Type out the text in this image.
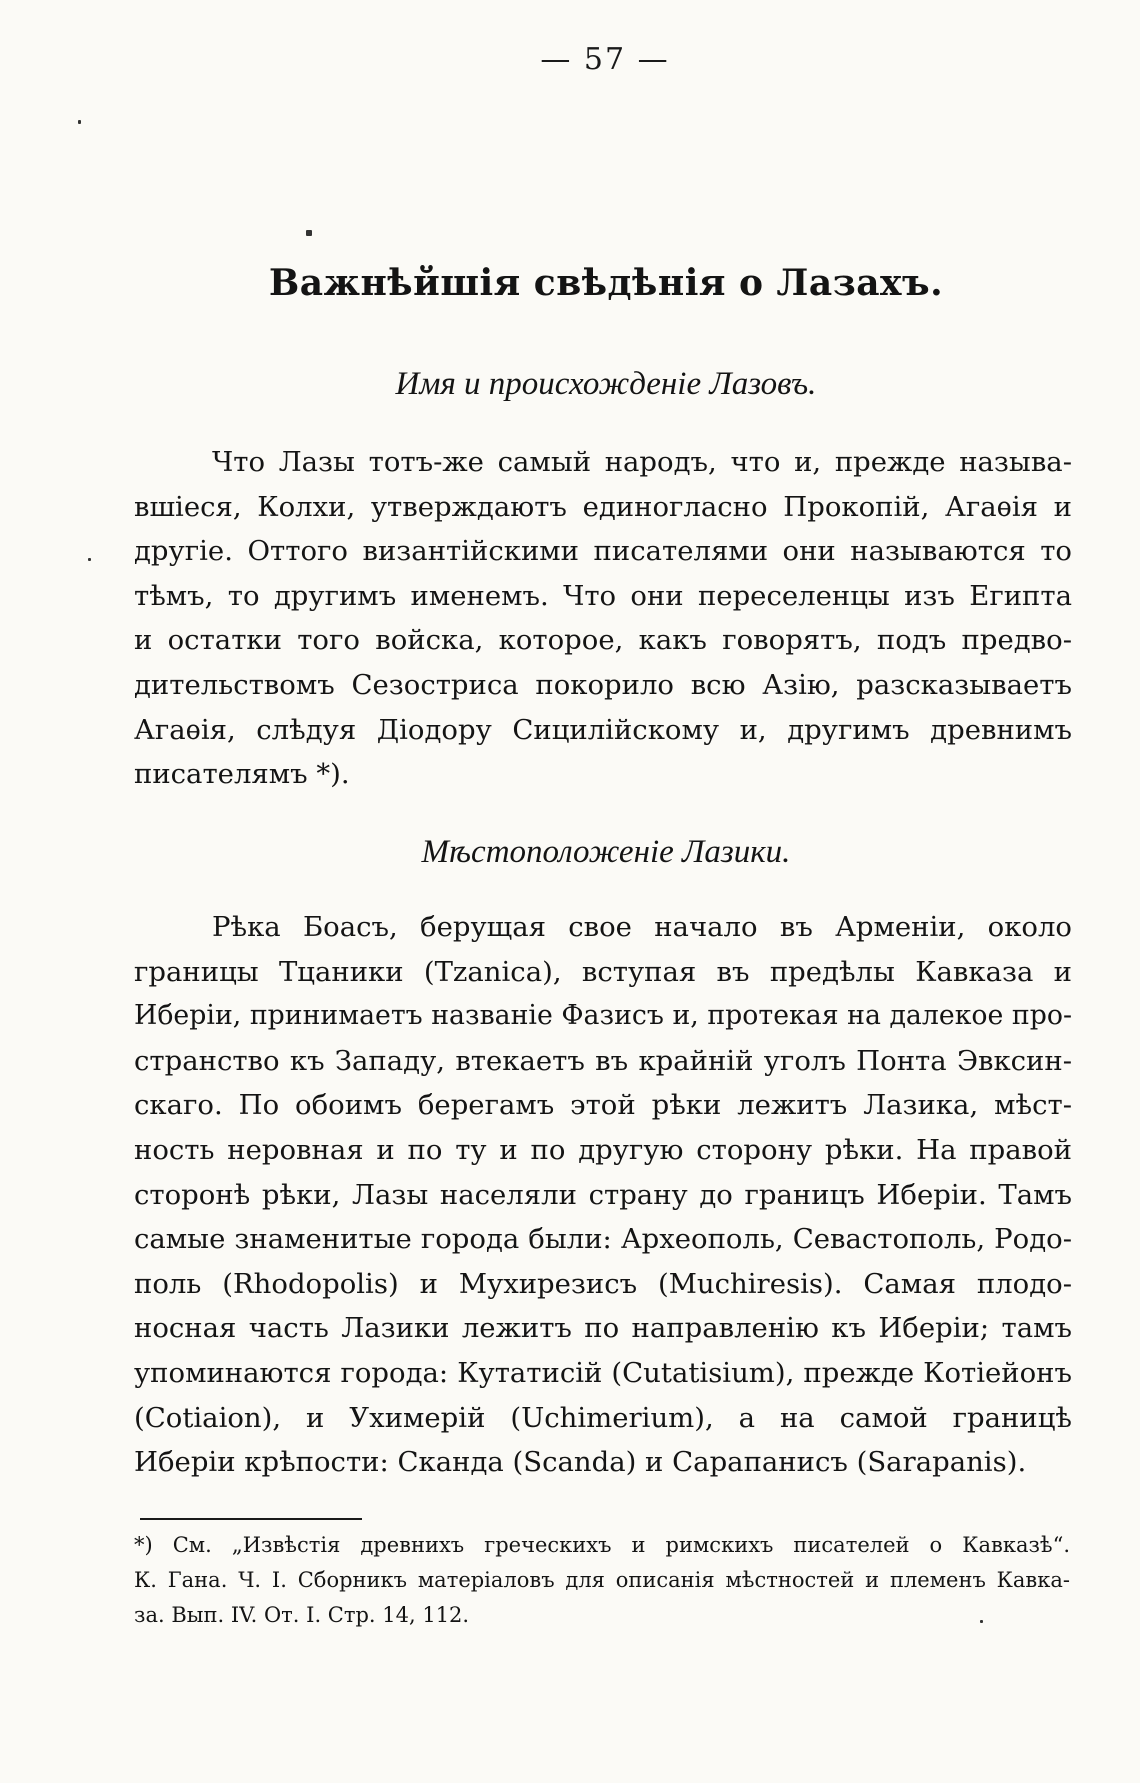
— 57 —
Важнѣйшія свѣдѣнія о Лазахъ.
Имя и происхожденіе Лазовъ.
Что Лазы тотъ-же самый народъ, что и, прежде называ-
вшіеся, Колхи, утверждаютъ единогласно Прокопій, Агаѳія и
другіе. Оттого византійскими писателями они называются то
тѣмъ, то другимъ именемъ. Что они переселенцы изъ Египта
и остатки того войска, которое, какъ говорятъ, подъ предво-
дительствомъ Сезостриса покорило всю Азію, разсказываетъ
Агаѳія, слѣдуя Діодору Сицилійскому и, другимъ древнимъ
писателямъ *).
Мѣстоположеніе Лазики.
Рѣка Боасъ, берущая свое начало въ Арменіи, около
границы Тцаники (Tzanica), вступая въ предѣлы Кавказа и
Иберіи, принимаетъ названіе Фазисъ и, протекая на далекое про-
странство къ Западу, втекаетъ въ крайній уголъ Понта Эвксин-
скаго. По обоимъ берегамъ этой рѣки лежитъ Лазика, мѣст-
ность неровная и по ту и по другую сторону рѣки. На правой
сторонѣ рѣки, Лазы населяли страну до границъ Иберіи. Тамъ
самые знаменитые города были: Археополь, Севастополь, Родо-
поль (Rhodopolis) и Мухирезисъ (Muchiresis). Самая плодо-
носная часть Лазики лежитъ по направленію къ Иберіи; тамъ
упоминаются города: Кутатисій (Cutatisium), прежде Котіейонъ
(Cotiaion), и Ухимерій (Uchimerium), а на самой границѣ
Иберіи крѣпости: Сканда (Scanda) и Сарапанисъ (Sarapanis).
*) См. „Извѣстія древнихъ греческихъ и римскихъ писателей о Кавказѣ“.
К. Гана. Ч. I. Сборникъ матеріаловъ для описанія мѣстностей и племенъ Кавка-
за. Вып. IV. От. I. Стр. 14, 112.
